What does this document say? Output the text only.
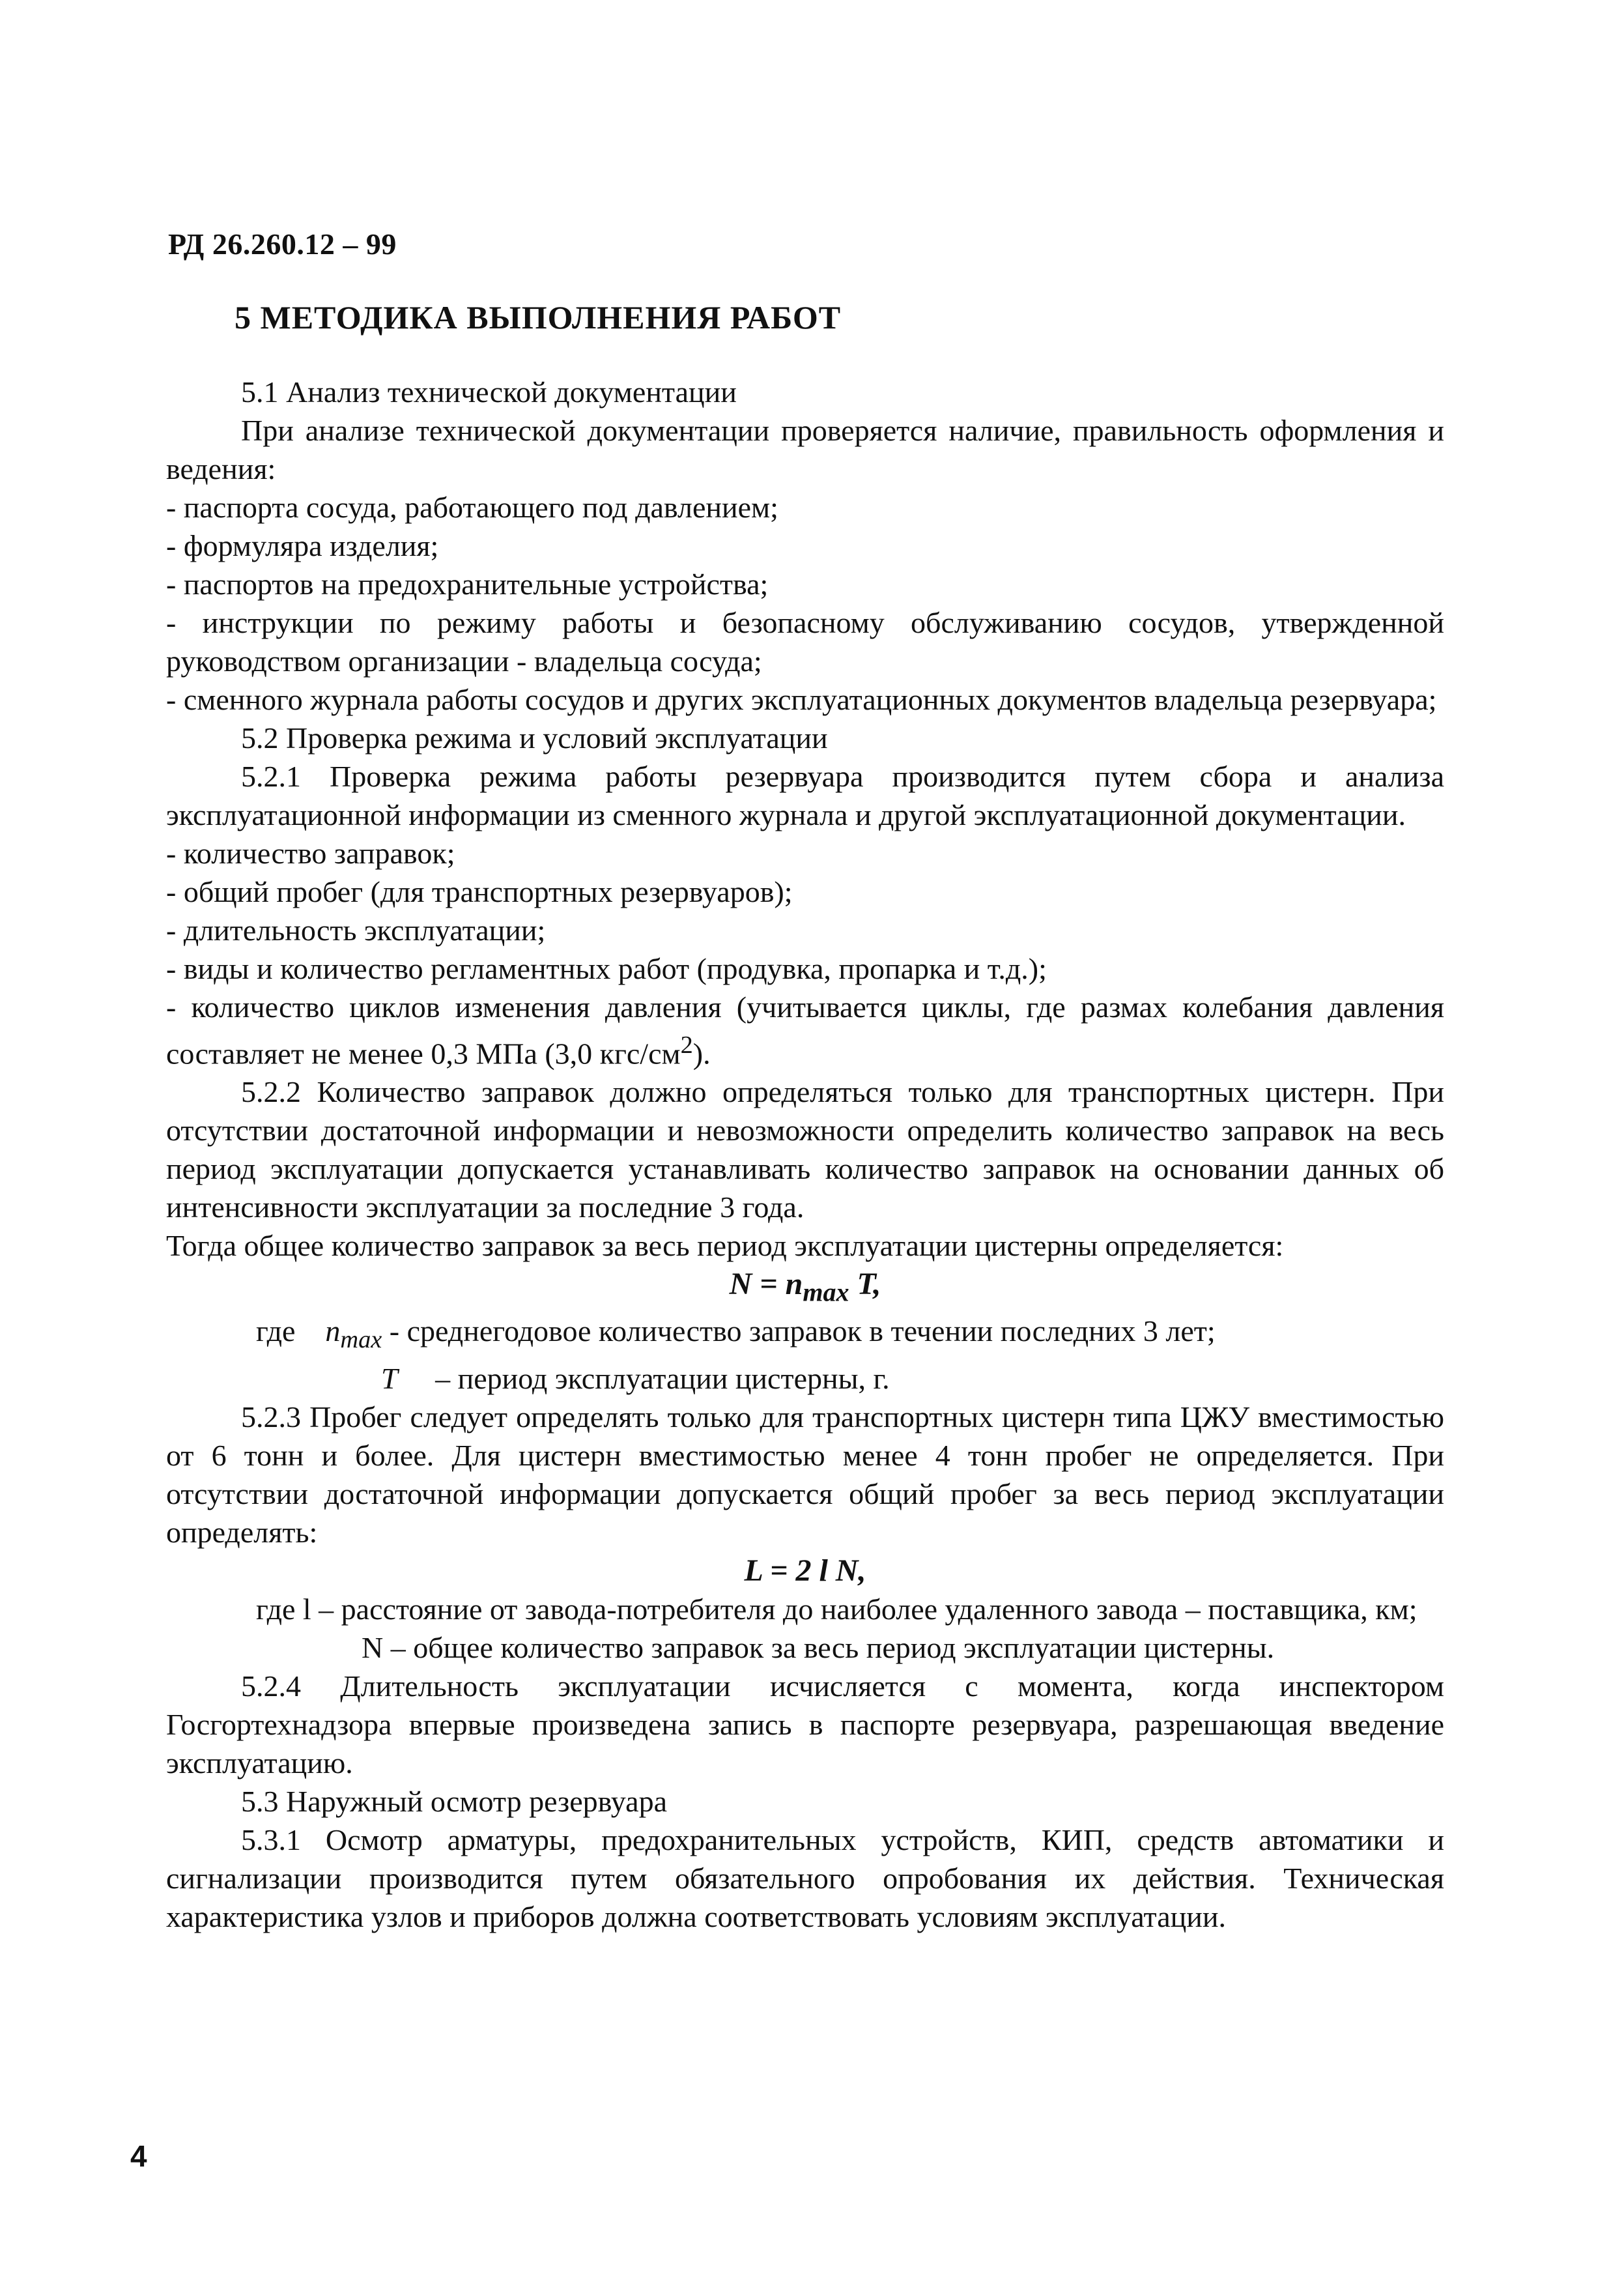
РД 26.260.12 – 99
5 МЕТОДИКА ВЫПОЛНЕНИЯ РАБОТ

5.1 Анализ технической документации

При анализе технической документации проверяется наличие, правильность оформления и ведения:

- паспорта сосуда, работающего под давлением;

- формуляра изделия;

- паспортов на предохранительные устройства;

- инструкции по режиму работы и безопасному обслуживанию сосудов, утвержденной руководством организации - владельца сосуда;

- сменного журнала работы сосудов и других эксплуатационных документов владельца резервуара;

5.2 Проверка режима и условий эксплуатации

5.2.1 Проверка режима работы резервуара производится путем сбора и анализа эксплуатационной информации из сменного журнала и другой эксплуатационной документации.

- количество заправок;

- общий пробег (для транспортных резервуаров);

- длительность эксплуатации;

- виды и количество регламентных работ (продувка, пропарка и т.д.);

- количество циклов изменения давления (учитывается циклы, где размах колебания давления составляет не менее 0,3 МПа (3,0 кгс/$см^2$).

5.2.2 Количество заправок должно определяться только для транспортных цистерн. При отсутствии достаточной информации и невозможности определить количество заправок на весь период эксплуатации допускается устанавливать количество заправок на основании данных об интенсивности эксплуатации за последние 3 года.

Тогда общее количество заправок за весь период эксплуатации цистерны определяется:

$N = n_{max}$ T,

где $n_{max}$ - среднегодовое количество заправок в течении последних 3 лет;

T     – период эксплуатации цистерны, г.

5.2.3 Пробег следует определять только для транспортных цистерн типа ЦЖУ вместимостью от 6 тонн и более. Для цистерн вместимостью менее 4 тонн пробег не определяется. При отсутствии достаточной информации допускается общий пробег за весь период эксплуатации определять:

L = 2 l N,

где l – расстояние от завода-потребителя до наиболее удаленного завода – поставщика, км;

N – общее количество заправок за весь период эксплуатации цистерны.

5.2.4 Длительность эксплуатации исчисляется с момента, когда инспектором Госгортехнадзора впервые произведена запись в паспорте резервуара, разрешающая введение эксплуатацию.

5.3 Наружный осмотр резервуара

5.3.1 Осмотр арматуры, предохранительных устройств, КИП, средств автоматики и сигнализации производится путем обязательного опробования их действия. Техническая характеристика узлов и приборов должна соответствовать условиям эксплуатации.

4
